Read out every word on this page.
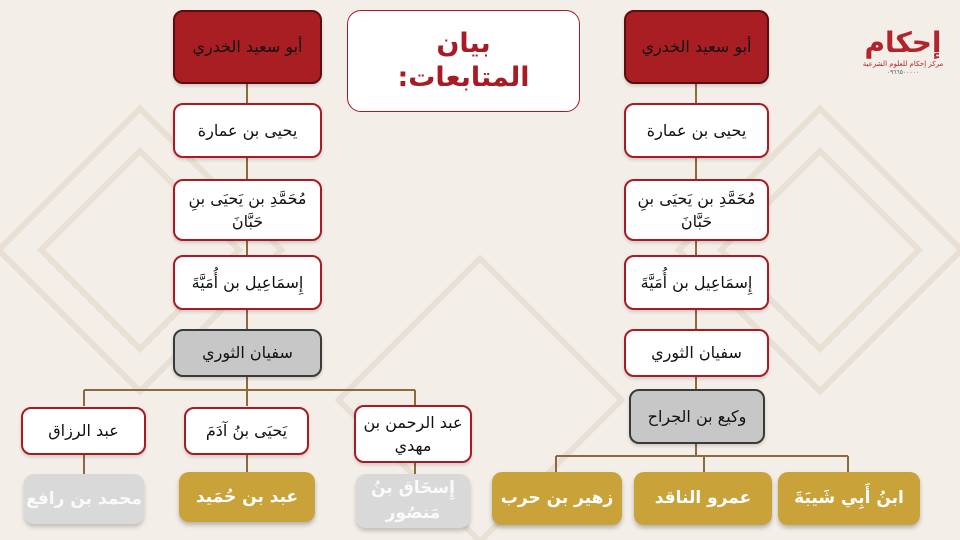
إحكام
مركز إحكام للعلوم الشرعية
٠٩٦٦٥٠٠٠٠٠
بيان
المتابعات:
أبو سعيد الخدري
يحيى بن عمارة
مُحَمَّدِ بن يَحيَى بنِ حَبَّانَ
إِسمَاعِيل بن أُمَيَّةَ
سفيان الثوري
وكيع بن الجراح
ابنُ أَبِي شَيبَةَ
عمرو الناقد
زهير بن حرب
أبو سعيد الخدري
يحيى بن عمارة
مُحَمَّدِ بن يَحيَى بنِ حَبَّانَ
إِسمَاعِيل بن أُمَيَّةَ
سفيان الثوري
عبد الرحمن بن مهدي
يَحيَى بنُ آدَمَ
عبد الرزاق
إِسحَاق بنُ مَنصُور
عبد بن حُمَيد
محمد بن رافع
